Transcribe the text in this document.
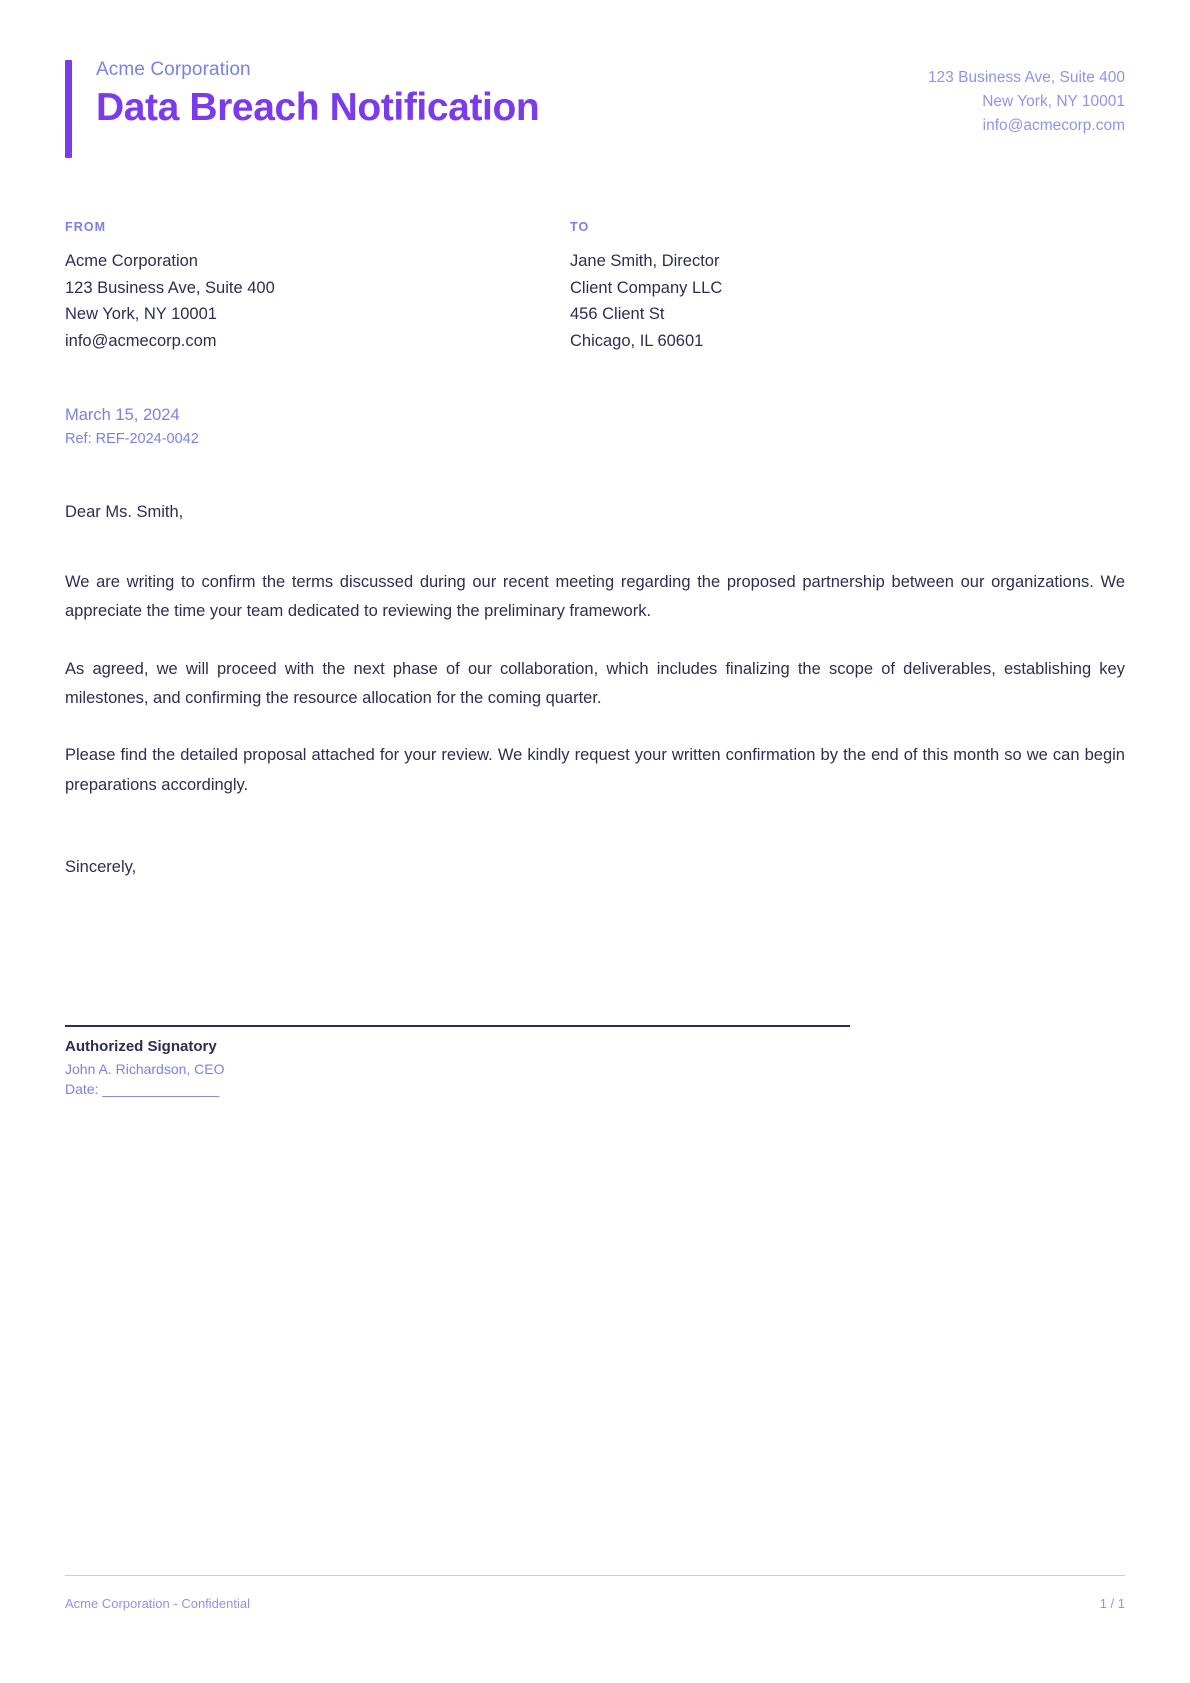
Acme Corporation
Data Breach Notification
123 Business Ave, Suite 400
New York, NY 10001
info@acmecorp.com
FROM
Acme Corporation
123 Business Ave, Suite 400
New York, NY 10001
info@acmecorp.com
TO
Jane Smith, Director
Client Company LLC
456 Client St
Chicago, IL 60601
March 15, 2024
Ref: REF-2024-0042
Dear Ms. Smith,

We are writing to confirm the terms discussed during our recent meeting regarding the proposed partnership between our organizations. We appreciate the time your team dedicated to reviewing the preliminary framework.

As agreed, we will proceed with the next phase of our collaboration, which includes finalizing the scope of deliverables, establishing key milestones, and confirming the resource allocation for the coming quarter.

Please find the detailed proposal attached for your review. We kindly request your written confirmation by the end of this month so we can begin preparations accordingly.

Sincerely,
Authorized Signatory
John A. Richardson, CEO
Date: _______________
Acme Corporation - Confidential	1 / 1
